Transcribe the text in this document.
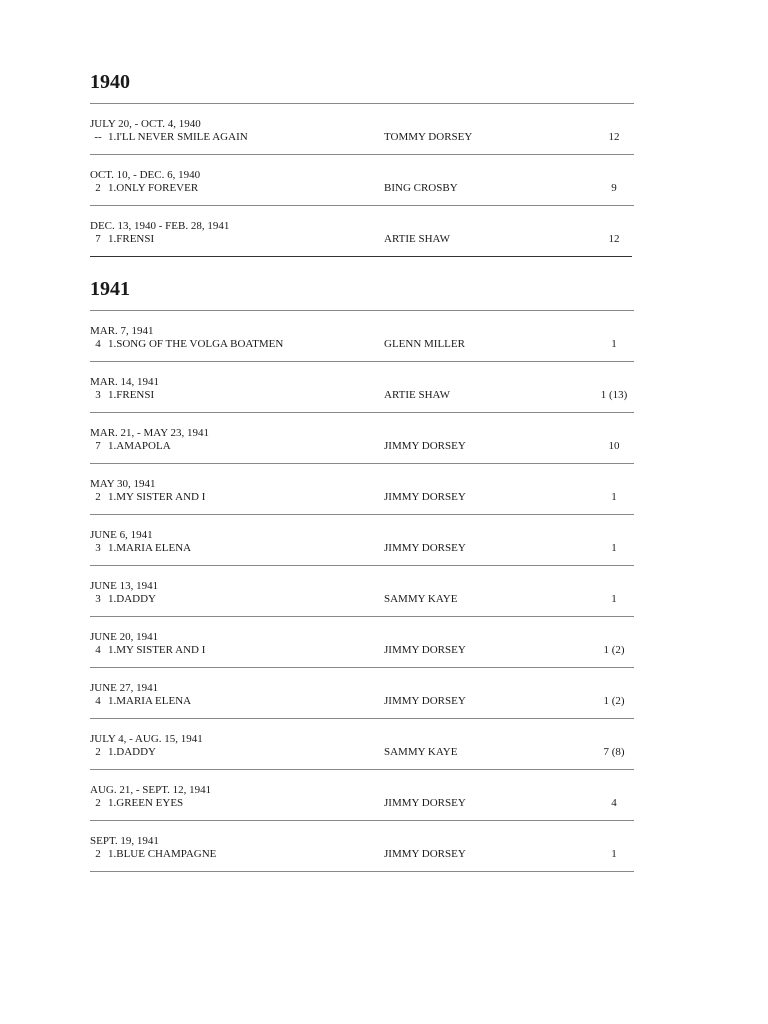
1940
JULY 20, - OCT. 4, 1940
-- 1.I'LL NEVER SMILE AGAIN	TOMMY DORSEY	12
OCT. 10, - DEC. 6, 1940
2 1.ONLY FOREVER	BING CROSBY	9
DEC. 13, 1940 - FEB. 28, 1941
7 1.FRENSI	ARTIE SHAW	12
1941
MAR. 7, 1941
4 1.SONG OF THE VOLGA BOATMEN	GLENN MILLER	1
MAR. 14, 1941
3 1.FRENSI	ARTIE SHAW	1 (13)
MAR. 21, - MAY 23, 1941
7 1.AMAPOLA	JIMMY DORSEY	10
MAY 30, 1941
2 1.MY SISTER AND I	JIMMY DORSEY	1
JUNE 6, 1941
3 1.MARIA ELENA	JIMMY DORSEY	1
JUNE 13, 1941
3 1.DADDY	SAMMY KAYE	1
JUNE 20, 1941
4 1.MY SISTER AND I	JIMMY DORSEY	1 (2)
JUNE 27, 1941
4 1.MARIA ELENA	JIMMY DORSEY	1 (2)
JULY 4, - AUG. 15, 1941
2 1.DADDY	SAMMY KAYE	7 (8)
AUG. 21, - SEPT. 12, 1941
2 1.GREEN EYES	JIMMY DORSEY	4
SEPT. 19, 1941
2 1.BLUE CHAMPAGNE	JIMMY DORSEY	1
